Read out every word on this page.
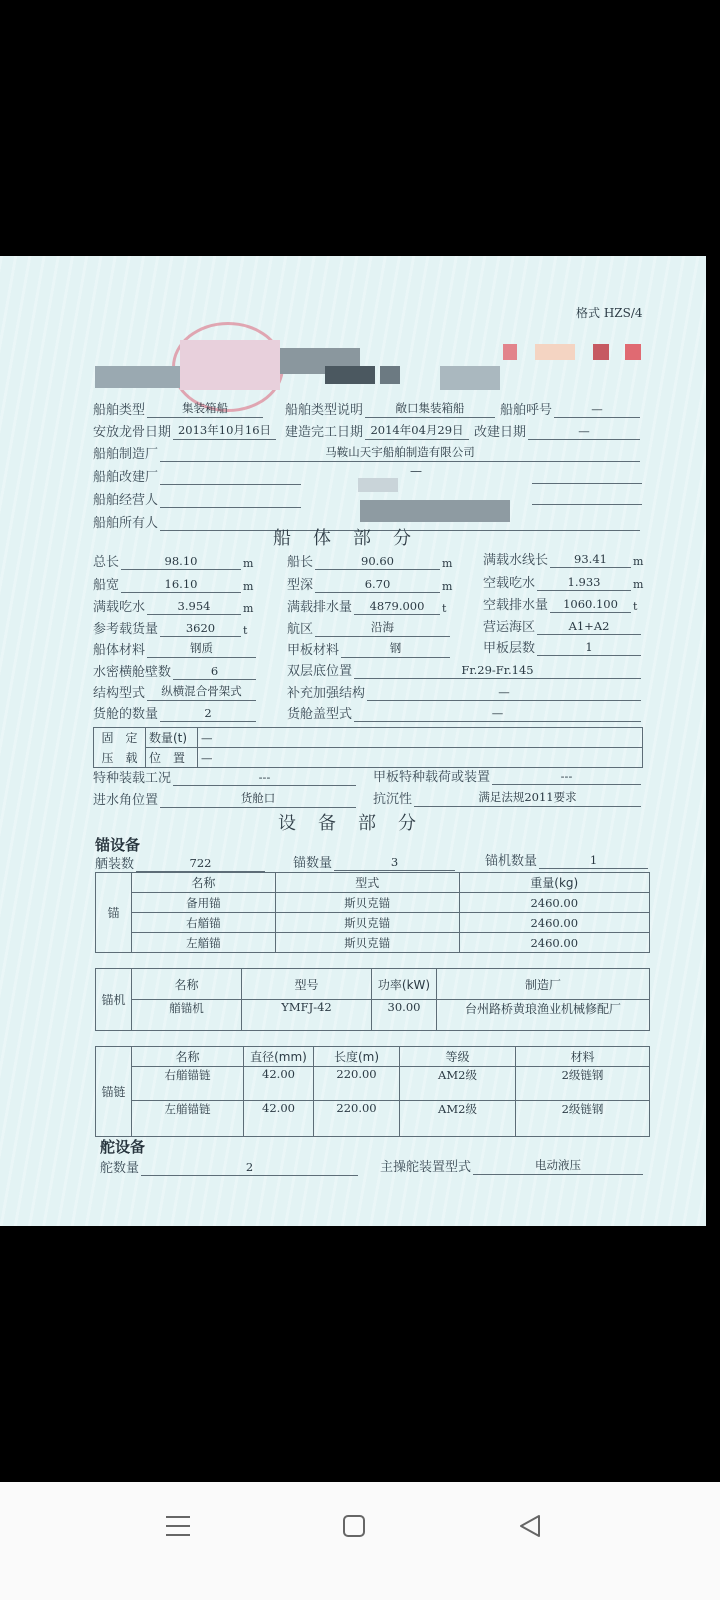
格式 HZS/4
船舶类型	集装箱船	船舶类型说明	敞口集装箱船	船舶呼号	—
安放龙骨日期 2013年10月16日	建造完工日期 2014年04月29日 改建日期	—
船舶制造厂	马鞍山天宇船舶制造有限公司
船舶改建厂	—
船舶经营人
船舶所有人
船体部分
总长	98.10	m	船长	90.60	m 满载水线长	93.41	m
船宽	16.10	m	型深	6.70	m 空载吃水	1.933	m
满载吃水	3.954	m	满载排水量	4879.000	t	空载排水量	1060.100	t
参考载货量	3620	t	航区	沿海	营运海区	A1+A2
船体材料	钢质	甲板材料	钢	甲板层数	1
水密横舱壁数	6	双层底位置	Fr.29-Fr.145
结构型式	纵横混合骨架式	补充加强结构	—
货舱的数量	2	货舱盖型式	—
固　定	数量(t)	—
压　载	位　置	—
特种装载工况	---	甲板特种载荷或装置	---
进水角位置	货舱口	抗沉性	满足法规2011要求
设备部分
锚设备
舾装数	722	锚数量	3	锚机数量	1
锚	名称	型式	重量(kg)
	备用锚	斯贝克锚	2460.00
	右艏锚	斯贝克锚	2460.00
	左艏锚	斯贝克锚	2460.00
锚机	名称	型号	功率(kW)	制造厂
	艏锚机	YMFJ-42	30.00	台州路桥黄琅渔业机械修配厂
锚链	名称	直径(mm)	长度(m)	等级	材料
	右艏锚链	42.00	220.00	AM2级	2级链钢
	左艏锚链	42.00	220.00	AM2级	2级链钢
舵设备
舵数量	2	主操舵装置型式	电动液压
